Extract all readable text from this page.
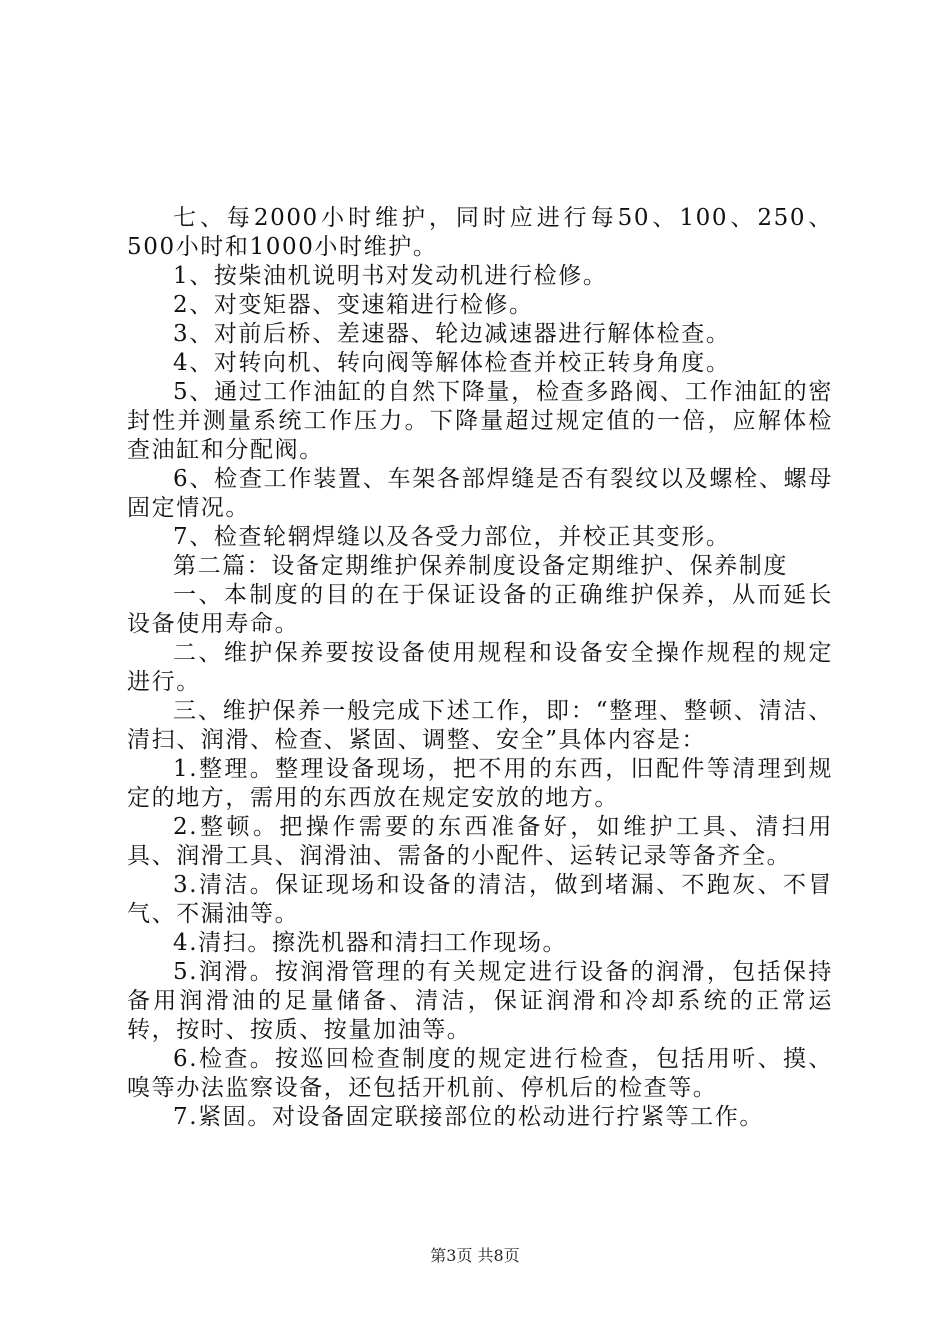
七、每2000小时维护，同时应进行每50、100、250、500小时和1000小时维护。

1、按柴油机说明书对发动机进行检修。

2、对变矩器、变速箱进行检修。

3、对前后桥、差速器、轮边减速器进行解体检查。

4、对转向机、转向阀等解体检查并校正转身角度。

5、通过工作油缸的自然下降量，检查多路阀、工作油缸的密封性并测量系统工作压力。下降量超过规定值的一倍，应解体检查油缸和分配阀。

6、检查工作装置、车架各部焊缝是否有裂纹以及螺栓、螺母固定情况。

7、检查轮辋焊缝以及各受力部位，并校正其变形。

第二篇：设备定期维护保养制度设备定期维护、保养制度

一、本制度的目的在于保证设备的正确维护保养，从而延长设备使用寿命。

二、维护保养要按设备使用规程和设备安全操作规程的规定进行。

三、维护保养一般完成下述工作，即：“整理、整顿、清洁、清扫、润滑、检查、紧固、调整、安全”具体内容是：

1.整理。整理设备现场，把不用的东西，旧配件等清理到规定的地方，需用的东西放在规定安放的地方。

2.整顿。把操作需要的东西准备好，如维护工具、清扫用具、润滑工具、润滑油、需备的小配件、运转记录等备齐全。

3.清洁。保证现场和设备的清洁，做到堵漏、不跑灰、不冒气、不漏油等。

4.清扫。擦洗机器和清扫工作现场。

5.润滑。按润滑管理的有关规定进行设备的润滑，包括保持备用润滑油的足量储备、清洁，保证润滑和冷却系统的正常运转，按时、按质、按量加油等。

6.检查。按巡回检查制度的规定进行检查，包括用听、摸、嗅等办法监察设备，还包括开机前、停机后的检查等。

7.紧固。对设备固定联接部位的松动进行拧紧等工作。

第3页 共8页
